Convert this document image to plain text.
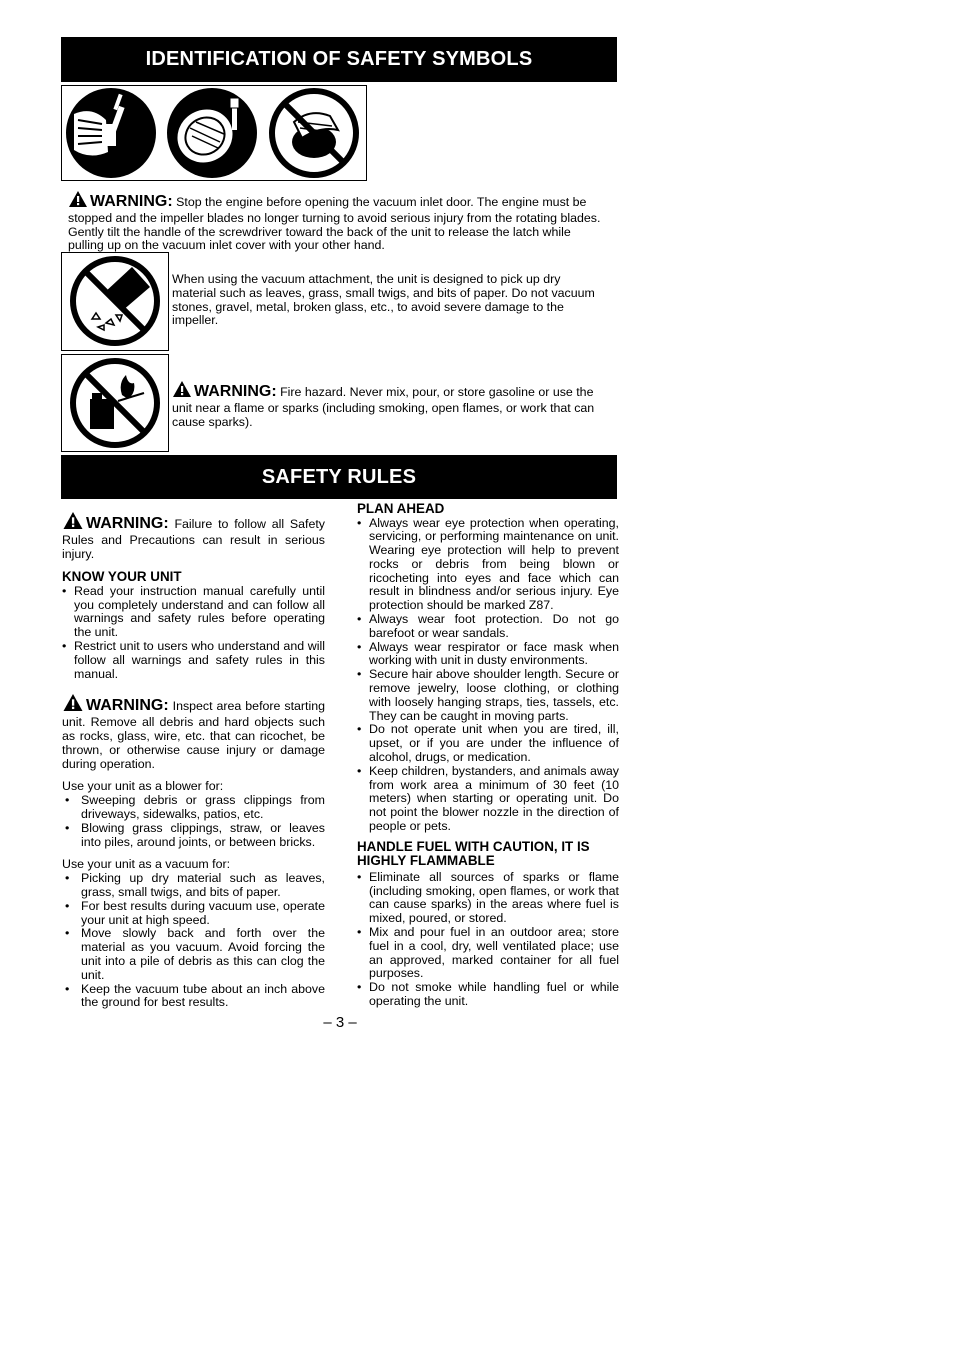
IDENTIFICATION OF SAFETY SYMBOLS
WARNING: Stop the engine before opening the vacuum inlet door. The engine must be stopped and the impeller blades no longer turning to avoid serious injury from the rotating blades. Gently tilt the handle of the screwdriver toward the back of the unit to release the latch while pulling up on the vacuum inlet cover with your other hand.
When using the vacuum attachment, the unit is designed to pick up dry material such as leaves, grass, small twigs, and bits of paper. Do not vacuum stones, gravel, metal, broken glass, etc., to avoid severe damage to the impeller.
WARNING: Fire hazard. Never mix, pour, or store gasoline or use the unit near a flame or sparks (including smoking, open flames, or work that can cause sparks).
SAFETY RULES

WARNING: Failure to follow all Safety Rules and Precautions can result in serious injury.

KNOW YOUR UNIT
• Read your instruction manual carefully until you completely understand and can follow all warnings and safety rules before operating the unit.
• Restrict unit to users who understand and will follow all warnings and safety rules in this manual.

WARNING: Inspect area before starting unit. Remove all debris and hard objects such as rocks, glass, wire, etc. that can ricochet, be thrown, or otherwise cause injury or damage during operation.

Use your unit as a blower for:

• Sweeping debris or grass clippings from driveways, sidewalks, patios, etc.
• Blowing grass clippings, straw, or leaves into piles, around joints, or between bricks.

Use your unit as a vacuum for:

• Picking up dry material such as leaves, grass, small twigs, and bits of paper.
• For best results during vacuum use, operate your unit at high speed.
• Move slowly back and forth over the material as you vacuum. Avoid forcing the unit into a pile of debris as this can clog the unit.
• Keep the vacuum tube about an inch above the ground for best results.
PLAN AHEAD
• Always wear eye protection when operating, servicing, or performing maintenance on unit. Wearing eye protection will help to prevent rocks or debris from being blown or ricocheting into eyes and face which can result in blindness and/or serious injury. Eye protection should be marked Z87.
• Always wear foot protection. Do not go barefoot or wear sandals.
• Always wear respirator or face mask when working with unit in dusty environments.
• Secure hair above shoulder length. Secure or remove jewelry, loose clothing, or clothing with loosely hanging straps, ties, tassels, etc. They can be caught in moving parts.
• Do not operate unit when you are tired, ill, upset, or if you are under the influence of alcohol, drugs, or medication.
• Keep children, bystanders, and animals away from work area a minimum of 30 feet (10 meters) when starting or operating unit. Do not point the blower nozzle in the direction of people or pets.
HANDLE FUEL WITH CAUTION, IT IS HIGHLY FLAMMABLE
• Eliminate all sources of sparks or flame (including smoking, open flames, or work that can cause sparks) in the areas where fuel is mixed, poured, or stored.
• Mix and pour fuel in an outdoor area; store fuel in a cool, dry, well ventilated place; use an approved, marked container for all fuel purposes.
• Do not smoke while handling fuel or while operating the unit.
– 3 –
